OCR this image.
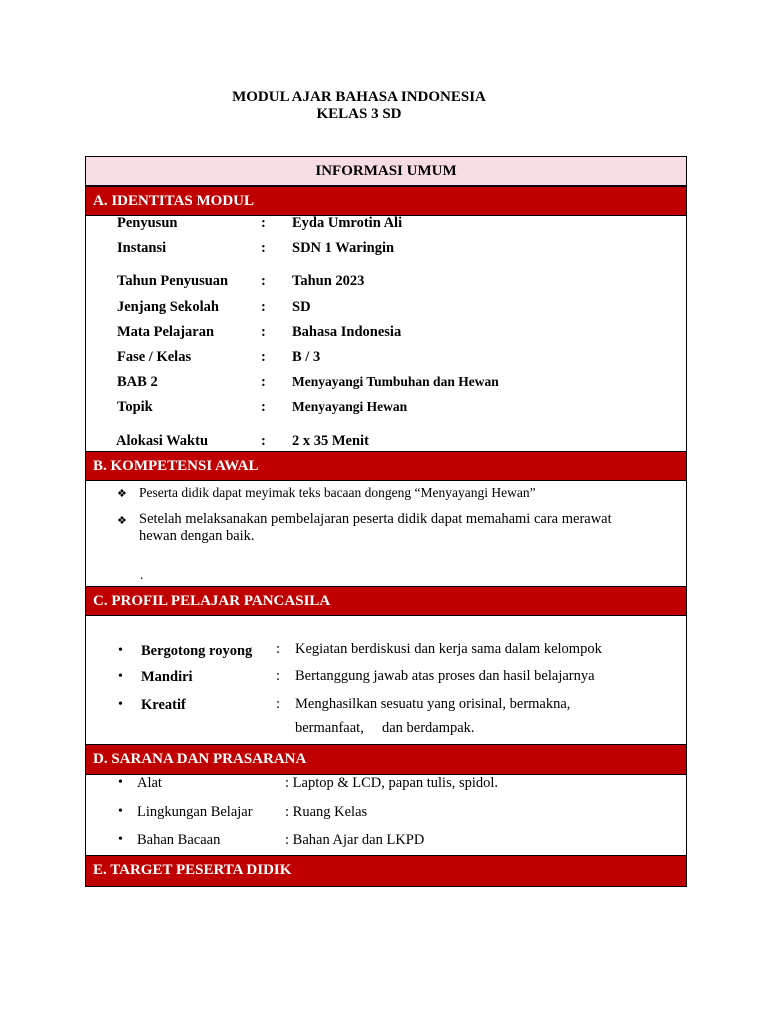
MODUL AJAR BAHASA INDONESIA
KELAS 3 SD
INFORMASI UMUM
A. IDENTITAS MODUL
Penyusun	: Eyda Umrotin Ali
Instansi	: SDN 1 Waringin
Tahun Penyusuan : Tahun 2023
Jenjang Sekolah	: SD
Mata Pelajaran	: Bahasa Indonesia
Fase / Kelas	: B / 3
BAB 2	: Menyayangi Tumbuhan dan Hewan
Topik	: Menyayangi Hewan
Alokasi Waktu	: 2 x 35 Menit
B. KOMPETENSI AWAL
❖ Peserta didik dapat meyimak teks bacaan dongeng “Menyayangi Hewan”
❖ Setelah melaksanakan pembelajaran peserta didik dapat memahami cara merawat
hewan dengan baik.
.
C. PROFIL PELAJAR PANCASILA
• Bergotong royong : Kegiatan berdiskusi dan kerja sama dalam kelompok
• Mandiri	: Bertanggung jawab atas proses dan hasil belajarnya
• Kreatif	: Menghasilkan sesuatu yang orisinal, bermakna,
bermanfaat,     dan berdampak.
D. SARANA DAN PRASARANA
• Alat	: Laptop & LCD, papan tulis, spidol.
• Lingkungan Belajar : Ruang Kelas
• Bahan Bacaan	: Bahan Ajar dan LKPD
E. TARGET PESERTA DIDIK
